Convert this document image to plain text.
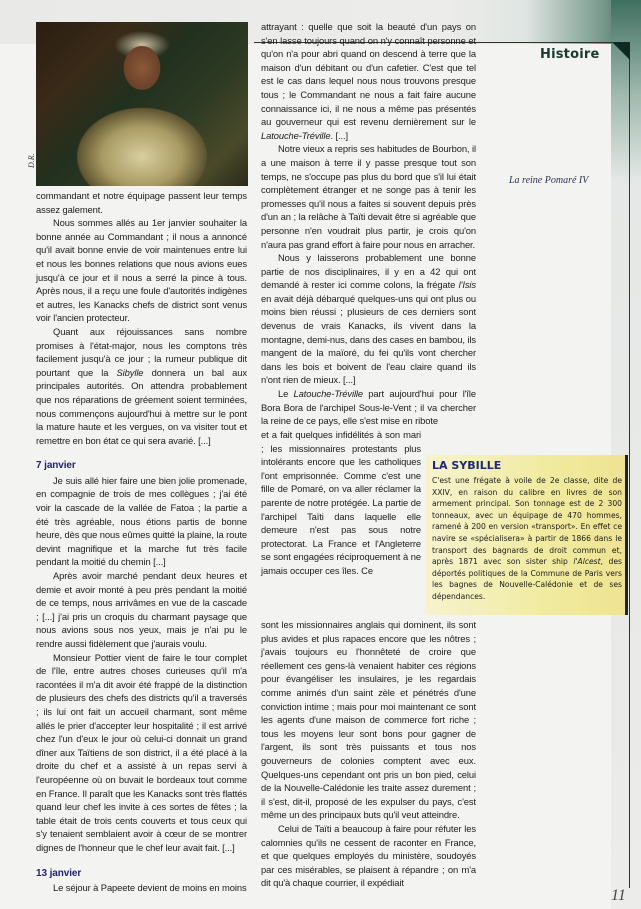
Histoire
D.R.
La reine Pomaré IV

commandant et notre équipage passent leur temps assez galement.

Nous sommes allés au 1er janvier souhaiter la bonne année au Commandant ; il nous a annoncé qu'il avait bonne envie de voir maintenues entre lui et nous les bonnes relations que nous avions eues jusqu'à ce jour et il nous a serré la pince à tous. Après nous, il a reçu une foule d'autorités indigènes et autres, les Kanacks chefs de district sont venus voir l'ancien protecteur.

Quant aux réjouissances sans nombre promises à l'état-major, nous les comptons très facilement jusqu'à ce jour ; la rumeur publique dit pourtant que la Sibylle donnera un bal aux principales autorités. On attendra probablement que nos réparations de gréement soient terminées, nous commençons aujourd'hui à mettre sur le pont la mature haute et les vergues, on va visiter tout et remettre en bon état ce qui sera avarié. [...]

7 janvier

Je suis allé hier faire une bien jolie promenade, en compagnie de trois de mes collègues ; j'ai été voir la cascade de la vallée de Fatoa ; la partie a été très agréable, nous étions partis de bonne heure, dès que nous eûmes quitté la plaine, la route devint magnifique et la marche fut très facile pendant la moitié du chemin [...]

Après avoir marché pendant deux heures et demie et avoir monté à peu près pendant la moitié de ce temps, nous arrivâmes en vue de la cascade ; [...] j'ai pris un croquis du charmant paysage que nous avions sous nos yeux, mais je n'ai pu le rendre aussi fidèlement que j'aurais voulu.

Monsieur Pottier vient de faire le tour complet de l'île, entre autres choses curieuses qu'il m'a racontées il m'a dit avoir été frappé de la distinction de plusieurs des chefs des districts qu'il a traversés ; ils lui ont fait un accueil charmant, sont même allés le prier d'accepter leur hospitalité ; il est arrivé chez l'un d'eux le jour où celui-ci donnait un grand dîner aux Taïtiens de son district, il a été placé à la droite du chef et a assisté à un repas servi à l'européenne où on buvait le bordeaux tout comme en France. Il paraît que les Kanacks sont très flattés quand leur chef les invite à ces sortes de fêtes ; la table était de trois cents couverts et tous ceux qui s'y tenaient semblaient avoir à cœur de se montrer dignes de l'honneur que le chef leur avait fait. [...]

13 janvier

Le séjour à Papeete devient de moins en moins

attrayant : quelle que soit la beauté d'un pays on s'en lasse toujours quand on n'y connaît personne et qu'on n'a pour abri quand on descend à terre que la maison d'un débitant ou d'un cafetier. C'est que tel est le cas dans lequel nous nous trouvons presque tous ; le Commandant ne nous a fait faire aucune connaissance ici, il ne nous a même pas présentés au gouverneur qui est revenu dernièrement sur le Latouche-Tréville. [...]

Notre vieux a repris ses habitudes de Bourbon, il a une maison à terre il y passe presque tout son temps, ne s'occupe pas plus du bord que s'il lui était complètement étranger et ne songe pas à tenir les promesses qu'il nous a faites si souvent depuis près d'un an ; la relâche à Taïti devait être si agréable que personne n'en voudrait plus partir, je crois qu'on n'aura pas grand effort à faire pour nous en arracher.

Nous y laisserons probablement une bonne partie de nos disciplinaires, il y en a 42 qui ont demandé à rester ici comme colons, la frégate l'Isis en avait déjà débarqué quelques-uns qui ont plus ou moins bien réussi ; plusieurs de ces derniers sont devenus de vrais Kanacks, ils vivent dans la montagne, demi-nus, dans des cases en bambou, ils mangent de la maïoré, du fei qu'ils vont chercher dans les bois et boivent de l'eau claire quand ils n'ont rien de mieux. [...]

Le Latouche-Tréville part aujourd'hui pour l'île Bora Bora de l'archipel Sous-le-Vent ; il va chercher la reine de ce pays, elle s'est mise en ribote

et a fait quelques infidélités à son mari ; les missionnaires protestants plus intolérants encore que les catholiques l'ont emprisonnée. Comme c'est une fille de Pomaré, on va aller réclamer la parente de notre protégée. La partie de l'archipel Taïti dans laquelle elle demeure n'est pas sous notre protectorat. La France et l'Angleterre se sont engagées réciproquement à ne jamais occuper ces îles. Ce

sont les missionnaires anglais qui dominent, ils sont plus avides et plus rapaces encore que les nôtres ; j'avais toujours eu l'honnêteté de croire que réellement ces gens-là venaient habiter ces régions pour évangéliser les insulaires, je les regardais comme animés d'un saint zèle et pénétrés d'une conviction intime ; mais pour moi maintenant ce sont les agents d'une maison de commerce fort riche ; tous les moyens leur sont bons pour gagner de l'argent, ils sont très puissants et tous nos gouverneurs de colonies comptent avec eux. Quelques-uns cependant ont pris un bon pied, celui de la Nouvelle-Calédonie les traite assez durement ; il s'est, dit-il, proposé de les expulser du pays, c'est même un des principaux buts qu'il veut atteindre.

Celui de Taïti a beaucoup à faire pour réfuter les calomnies qu'ils ne cessent de raconter en France, et que quelques employés du ministère, soudoyés par ces misérables, se plaisent à répandre ; on m'a dit qu'à chaque courrier, il expédiait

LA SYBILLE
C'est une frégate à voile de 2e classe, dite de XXIV, en raison du calibre en livres de son armement principal. Son tonnage est de 2 300 tonneaux, avec un équipage de 470 hommes, ramené à 200 en version «transport». En effet ce navire se «spécialisera» à partir de 1866 dans le transport des bagnards de droit commun et, après 1871 avec son sister ship l'Alcest, des déportés politiques de la Commune de Paris vers les bagnes de Nouvelle-Calédonie et de ses dépendances.
11
